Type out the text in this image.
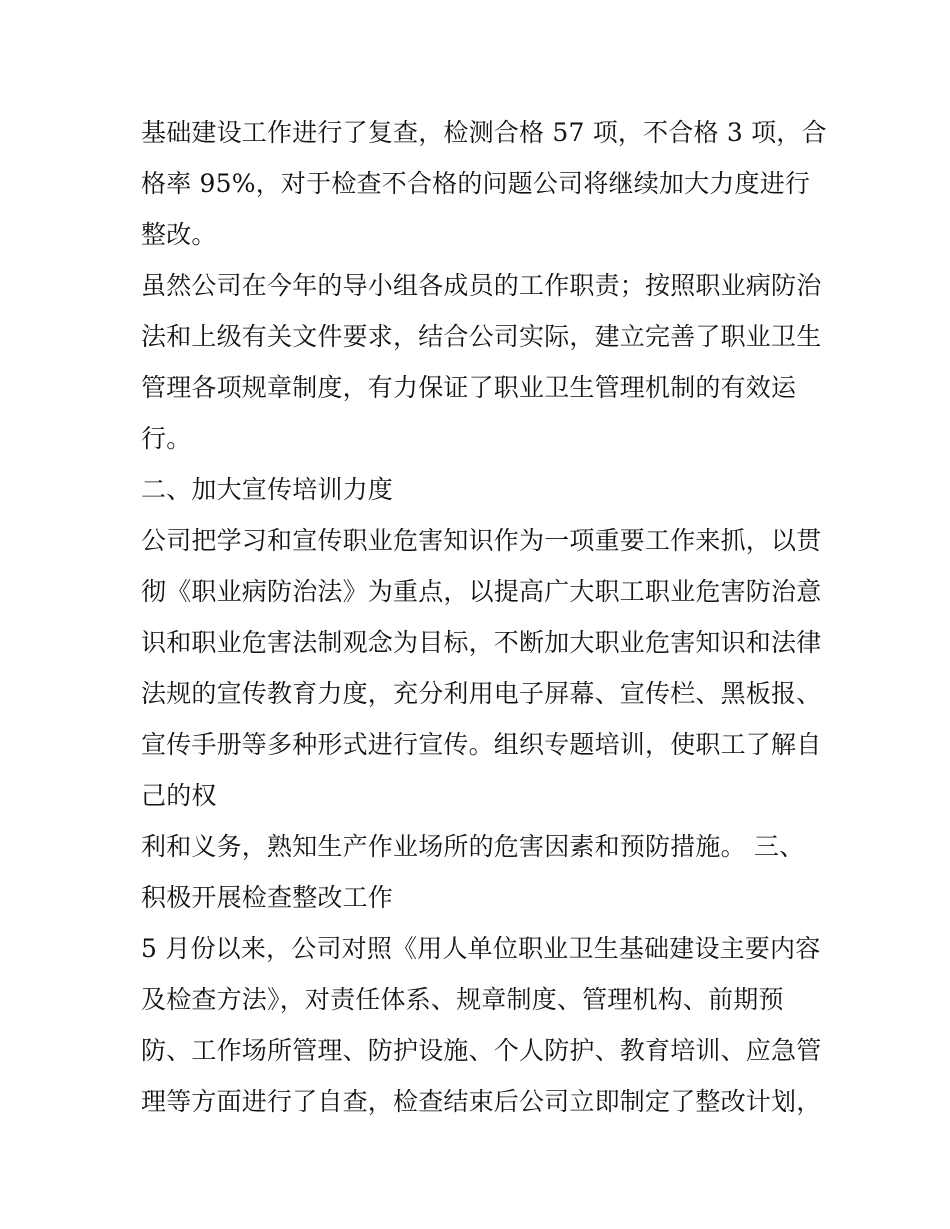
基础建设工作进行了复查，检测合格 57 项，不合格 3 项，合
格率 95%，对于检查不合格的问题公司将继续加大力度进行
整改。
虽然公司在今年的导小组各成员的工作职责；按照职业病防治
法和上级有关文件要求，结合公司实际，建立完善了职业卫生
管理各项规章制度，有力保证了职业卫生管理机制的有效运
行。
二、加大宣传培训力度
公司把学习和宣传职业危害知识作为一项重要工作来抓，以贯
彻《职业病防治法》为重点，以提高广大职工职业危害防治意
识和职业危害法制观念为目标，不断加大职业危害知识和法律
法规的宣传教育力度，充分利用电子屏幕、宣传栏、黑板报、
宣传手册等多种形式进行宣传。组织专题培训，使职工了解自
己的权
利和义务，熟知生产作业场所的危害因素和预防措施。 三、
积极开展检查整改工作
5 月份以来，公司对照《用人单位职业卫生基础建设主要内容
及检查方法》，对责任体系、规章制度、管理机构、前期预
防、工作场所管理、防护设施、个人防护、教育培训、应急管
理等方面进行了自查，检查结束后公司立即制定了整改计划，
